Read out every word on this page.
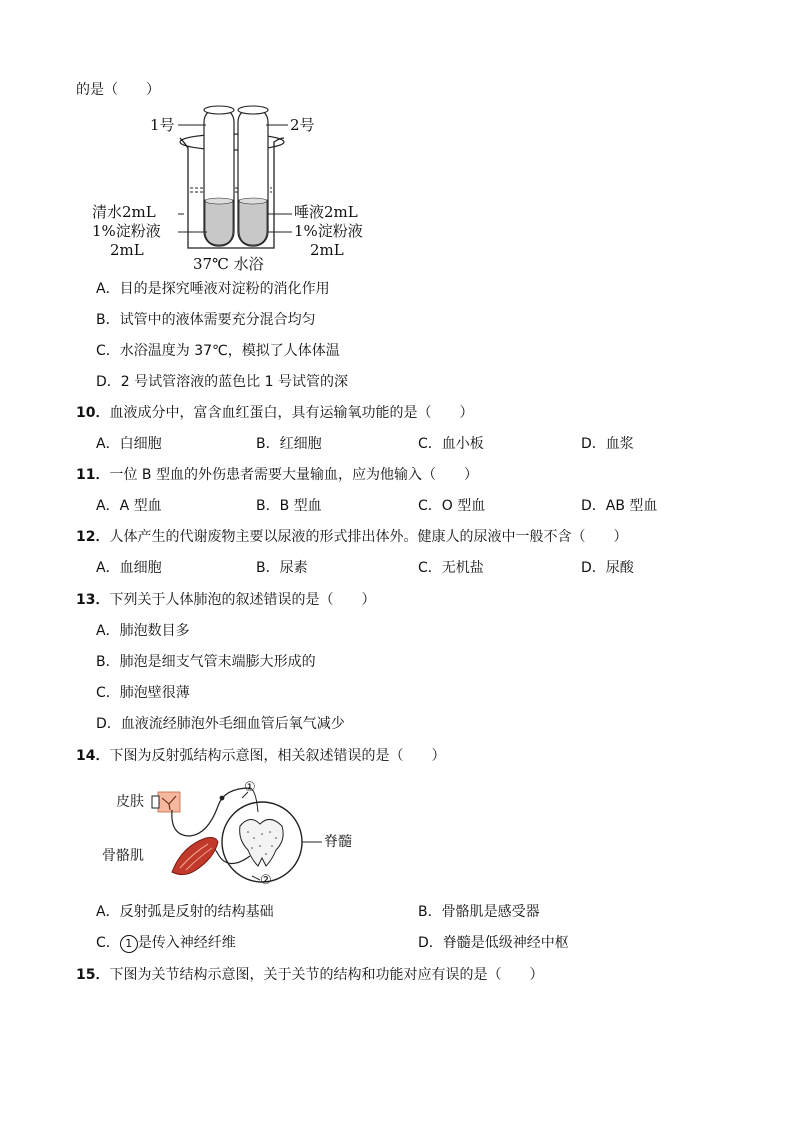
的是（　　）
1号	2号
清水2mL
1%淀粉液
2mL
唾液2mL
1%淀粉液
2mL
37℃ 水浴
A．目的是探究唾液对淀粉的消化作用
B．试管中的液体需要充分混合均匀
C．水浴温度为 37℃，模拟了人体体温
D．2 号试管溶液的蓝色比 1 号试管的深
10．血液成分中，富含血红蛋白，具有运输氧功能的是（　　）
A．白细胞	B．红细胞	C．血小板	D．血浆
11．一位 B 型血的外伤患者需要大量输血，应为他输入（　　）
A．A 型血	B．B 型血	C．O 型血	D．AB 型血
12．人体产生的代谢废物主要以尿液的形式排出体外。健康人的尿液中一般不含（　　）
A．血细胞	B．尿素	C．无机盐	D．尿酸
13．下列关于人体肺泡的叙述错误的是（　　）
A．肺泡数目多
B．肺泡是细支气管末端膨大形成的
C．肺泡壁很薄
D．血液流经肺泡外毛细血管后氧气减少
14．下图为反射弧结构示意图，相关叙述错误的是（　　）
皮肤
骨骼肌
脊髓
①
②
A．反射弧是反射的结构基础	B．骨骼肌是感受器
C． 1 是传入神经纤维	D．脊髓是低级神经中枢
15．下图为关节结构示意图，关于关节的结构和功能对应有误的是（　　）
